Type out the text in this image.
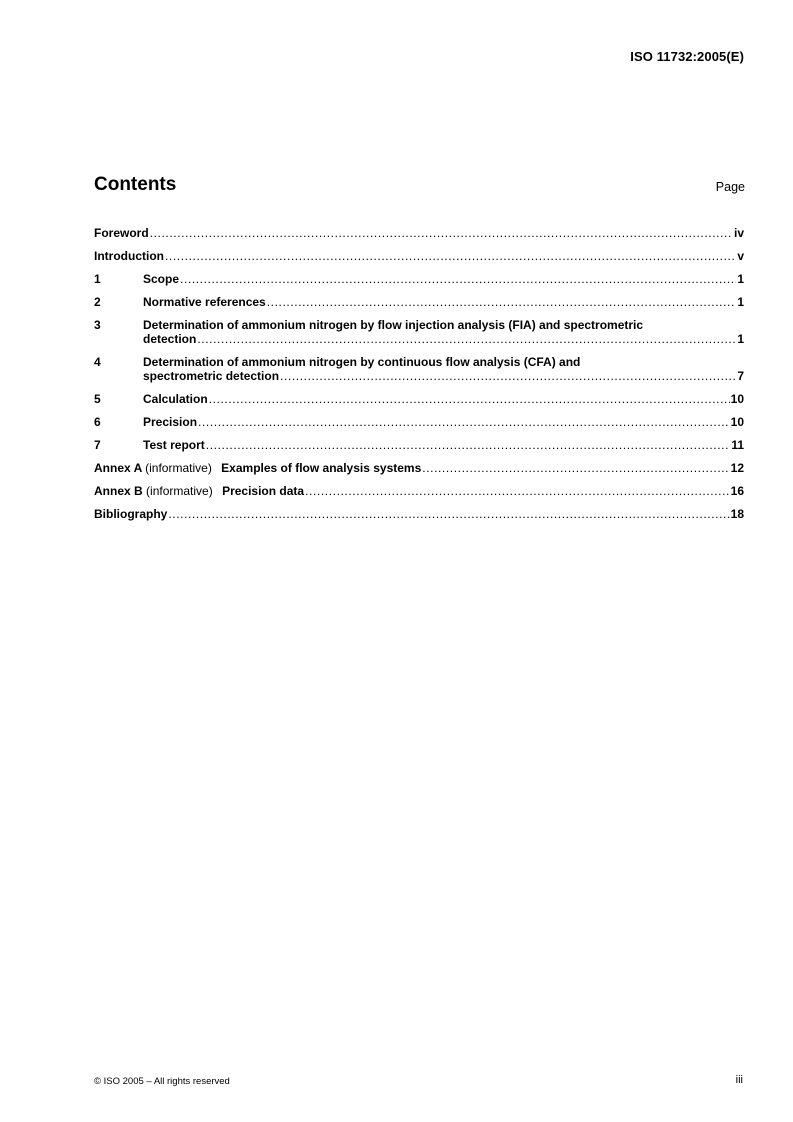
ISO 11732:2005(E)
Contents	Page
Foreword .....	iv
Introduction .....	v
1	Scope .....	1
2	Normative references .....	1
3	Determination of ammonium nitrogen by flow injection analysis (FIA) and spectrometric
detection .....	1
4	Determination of ammonium nitrogen by continuous flow analysis (CFA) and
spectrometric detection .....	7
5	Calculation .....	10
6	Precision .....	10
7	Test report .....	11
Annex A (informative) Examples of flow analysis systems .....	12
Annex B (informative) Precision data .....	16
Bibliography .....	18
© ISO 2005 – All rights reserved	iii
